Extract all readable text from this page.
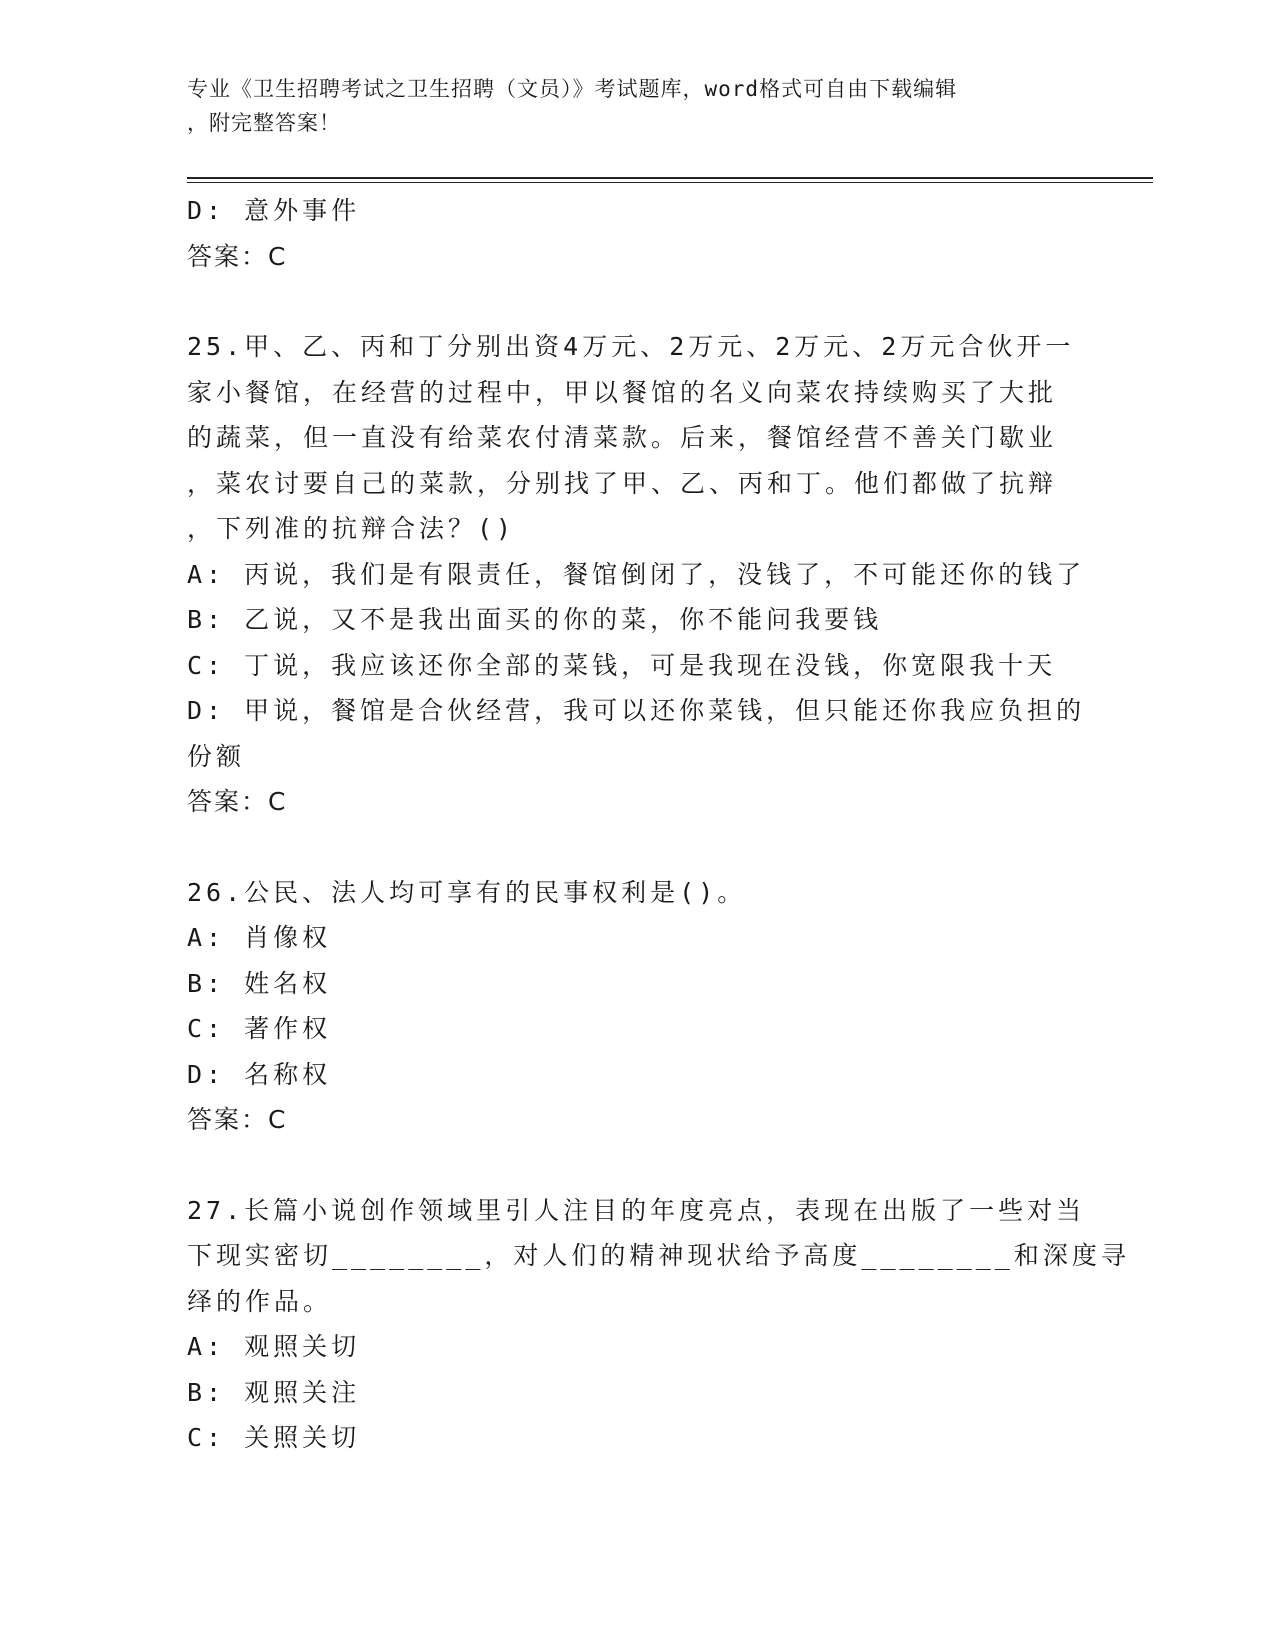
专业《卫生招聘考试之卫生招聘（文员）》考试题库，word格式可自由下载编辑
，附完整答案！
D: 意外事件
答案：C
25.甲、乙、丙和丁分别出资4万元、2万元、2万元、2万元合伙开一
家小餐馆，在经营的过程中，甲以餐馆的名义向菜农持续购买了大批
的蔬菜，但一直没有给菜农付清菜款。后来，餐馆经营不善关门歇业
，菜农讨要自己的菜款，分别找了甲、乙、丙和丁。他们都做了抗辩
，下列准的抗辩合法？()
A: 丙说，我们是有限责任，餐馆倒闭了，没钱了，不可能还你的钱了
B: 乙说，又不是我出面买的你的菜，你不能问我要钱
C: 丁说，我应该还你全部的菜钱，可是我现在没钱，你宽限我十天
D: 甲说，餐馆是合伙经营，我可以还你菜钱，但只能还你我应负担的
份额
答案：C
26.公民、法人均可享有的民事权利是()。
A: 肖像权
B: 姓名权
C: 著作权
D: 名称权
答案：C
27.长篇小说创作领域里引人注目的年度亮点，表现在出版了一些对当
下现实密切________，对人们的精神现状给予高度________和深度寻
绎的作品。
A: 观照关切
B: 观照关注
C: 关照关切
